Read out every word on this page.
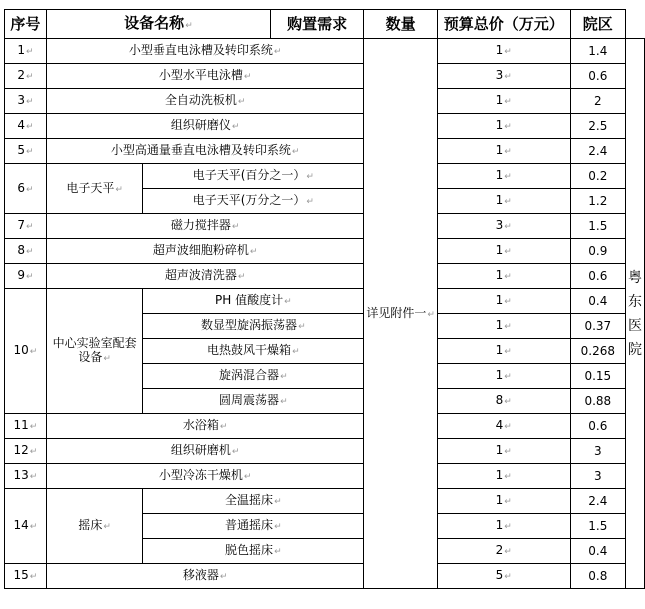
序号	设备名称↵		购置需求	数量	预算总价（万元）	院区	
1↵	小型垂直电泳槽及转印系统↵			详见附件一↵	1↵	1.4	粤东医院
2↵	小型水平电泳槽↵				3↵	0.6	
3↵	全自动洗板机↵				1↵	2	
4↵	组织研磨仪↵				1↵	2.5	
5↵	小型高通量垂直电泳槽及转印系统↵				1↵	2.4	
6↵	电子天平↵	电子天平(百分之一）↵			1↵	0.2	
		电子天平(万分之一）↵			1↵	1.2	
7↵	磁力搅拌器↵				3↵	1.5	
8↵	超声波细胞粉碎机↵				1↵	0.9	
9↵	超声波清洗器↵				1↵	0.6	
10↵	中心实验室配套设备↵	PH 值酸度计↵			1↵	0.4	
		数显型旋涡振荡器↵			1↵	0.37	
		电热鼓风干燥箱↵			1↵	0.268	
		旋涡混合器↵			1↵	0.15	
		圆周震荡器↵			8↵	0.88	
11↵	水浴箱↵				4↵	0.6	
12↵	组织研磨机↵				1↵	3	
13↵	小型冷冻干燥机↵				1↵	3	
14↵	摇床↵	全温摇床↵			1↵	2.4	
		普通摇床↵			1↵	1.5	
		脱色摇床↵			2↵	0.4	
15↵	移液器↵				5↵	0.8	
